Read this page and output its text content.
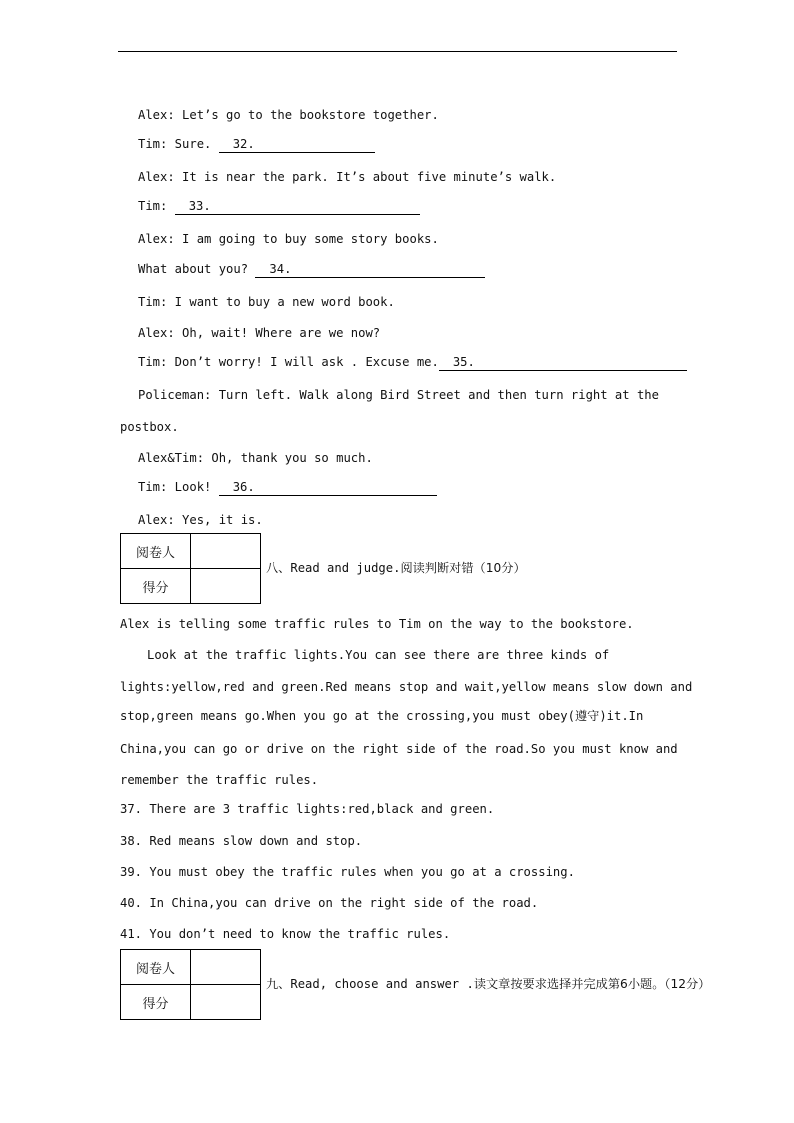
Alex: Let’s go to the bookstore together.
Tim: Sure. 32.
Alex: It is near the park. It’s about five minute’s walk.
Tim: 33.
Alex: I am going to buy some story books.
What about you? 34.
Tim: I want to buy a new word book.
Alex: Oh, wait! Where are we now?
Tim: Don’t worry! I will ask . Excuse me. 35.
Policeman: Turn left. Walk along Bird Street and then turn right at the
postbox.
Alex&Tim: Oh, thank you so much.
Tim: Look! 36.
Alex: Yes, it is.
阅卷人	
得分	
八、Read and judge.阅读判断对错（10分）
Alex is telling some traffic rules to Tim on the way to the bookstore.
Look at the traffic lights.You can see there are three kinds of
lights:yellow,red and green.Red means stop and wait,yellow means slow down and
stop,green means go.When you go at the crossing,you must obey(遵守)it.In
China,you can go or drive on the right side of the road.So you must know and
remember the traffic rules.
37. There are 3 traffic lights:red,black and green.
38. Red means slow down and stop.
39. You must obey the traffic rules when you go at a crossing.
40. In China,you can drive on the right side of the road.
41. You don’t need to know the traffic rules.
阅卷人	
得分	
九、Read, choose and answer .读文章按要求选择并完成第6小题。（12分）
